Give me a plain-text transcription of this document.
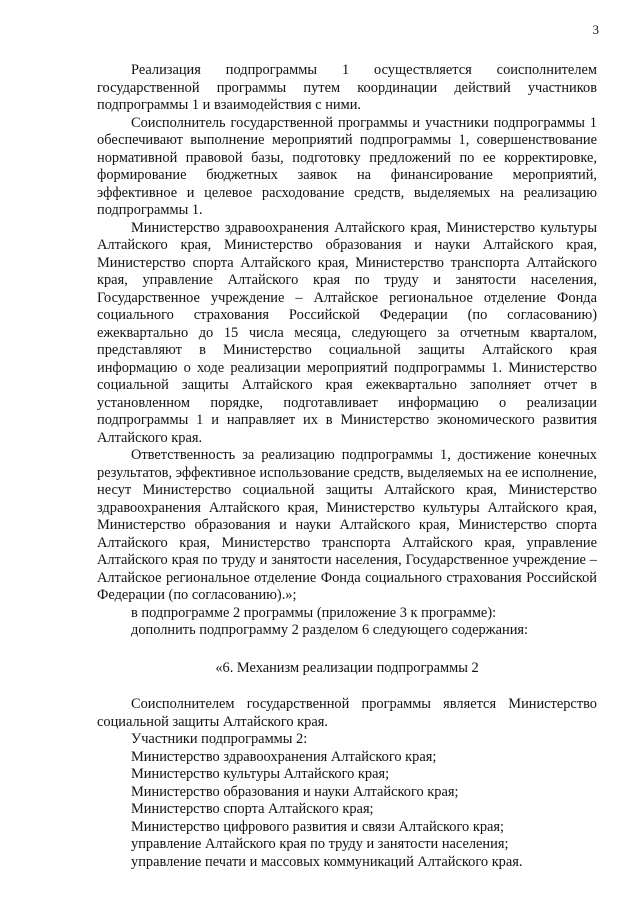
3

Реализация подпрограммы 1 осуществляется соисполнителем государственной программы путем координации действий участников подпрограммы 1 и взаимодействия с ними.

Соисполнитель государственной программы и участники подпрограммы 1 обеспечивают выполнение мероприятий подпрограммы 1, совершенствование нормативной правовой базы, подготовку предложений по ее корректировке, формирование бюджетных заявок на финансирование мероприятий, эффективное и целевое расходование средств, выделяемых на реализацию подпрограммы 1.

Министерство здравоохранения Алтайского края, Министерство культуры Алтайского края, Министерство образования и науки Алтайского края, Министерство спорта Алтайского края, Министерство транспорта Алтайского края, управление Алтайского края по труду и занятости населения, Государственное учреждение – Алтайское региональное отделение Фонда социального страхования Российской Федерации (по согласованию) ежеквартально до 15 числа месяца, следующего за отчетным кварталом, представляют в Министерство социальной защиты Алтайского края информацию о ходе реализации мероприятий подпрограммы 1. Министерство социальной защиты Алтайского края ежеквартально заполняет отчет в установленном порядке, подготавливает информацию о реализации подпрограммы 1 и направляет их в Министерство экономического развития Алтайского края.

Ответственность за реализацию подпрограммы 1, достижение конечных результатов, эффективное использование средств, выделяемых на ее исполнение, несут Министерство социальной защиты Алтайского края, Министерство здравоохранения Алтайского края, Министерство культуры Алтайского края, Министерство образования и науки Алтайского края, Министерство спорта Алтайского края, Министерство транспорта Алтайского края, управление Алтайского края по труду и занятости населения, Государственное учреждение – Алтайское региональное отделение Фонда социального страхования Российской Федерации (по согласованию).»;

в подпрограмме 2 программы (приложение 3 к программе):

дополнить подпрограмму 2 разделом 6 следующего содержания:

«6. Механизм реализации подпрограммы 2

Соисполнителем государственной программы является Министерство социальной защиты Алтайского края.

Участники подпрограммы 2:

Министерство здравоохранения Алтайского края;

Министерство культуры Алтайского края;

Министерство образования и науки Алтайского края;

Министерство спорта Алтайского края;

Министерство цифрового развития и связи Алтайского края;

управление Алтайского края по труду и занятости населения;

управление печати и массовых коммуникаций Алтайского края.
